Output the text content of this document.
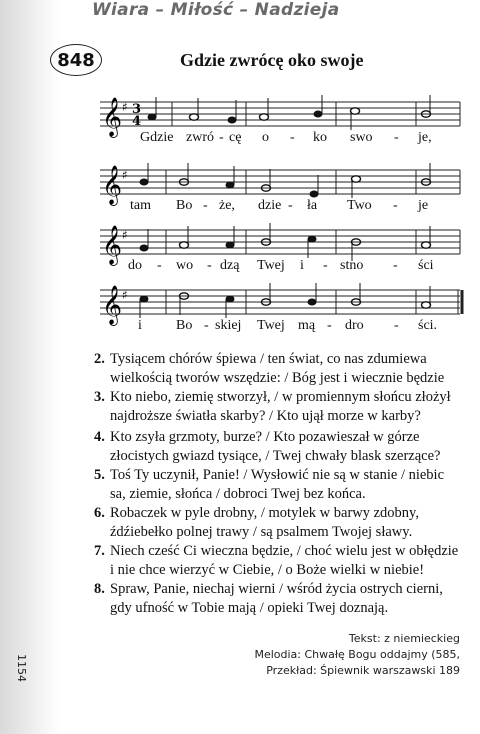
Wiara – Miłość – Nadzieja
848	Gdzie zwrócę oko swoje
𝄞 ♯ 3
4
Gdzie zwró - cę o - ko swo - je,
𝄞 ♯
tam Bo - że, dzie - ła Two - je
𝄞 ♯
do - wo - dzą Twej i - stno - ści
𝄞 ♯
i Bo - skiej Twej mą - dro - ści.
2. Tysiącem chórów śpiewa / ten świat, co nas zdumiewa
wielkością tworów wszędzie: / Bóg jest i wiecznie będzie
3. Kto niebo, ziemię stworzył, / w promiennym słońcu złożył
najdroższe światła skarby? / Kto ujął morze w karby?
4. Kto zsyła grzmoty, burze? / Kto pozawieszał w górze
złocistych gwiazd tysiące, / Twej chwały blask szerzące?
5. Toś Ty uczynił, Panie! / Wysłowić nie są w stanie / niebic
sa, ziemie, słońca / dobroci Twej bez końca.
6. Robaczek w pyle drobny, / motylek w barwy zdobny,
źdźiebełko polnej trawy / są psalmem Twojej sławy.
7. Niech cześć Ci wieczna będzie, / choć wielu jest w obłędzie
i nie chce wierzyć w Ciebie, / o Boże wielki w niebie!
8. Spraw, Panie, niechaj wierni / wśród życia ostrych cierni,
gdy ufność w Tobie mają / opieki Twej doznają.
Tekst: z niemieckieg
Melodia: Chwałę Bogu oddajmy (585,
Przekład: Śpiewnik warszawski 189
1154
